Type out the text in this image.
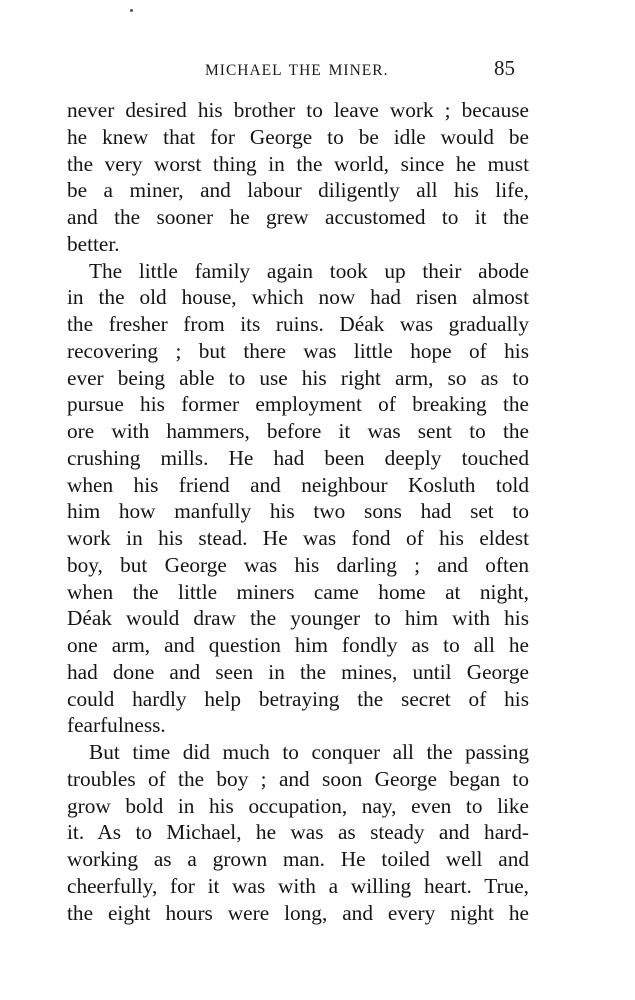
MICHAEL THE MINER.	85
never desired his brother to leave work ; because
he knew that for George to be idle would be
the very worst thing in the world, since he must
be a miner, and labour diligently all his life,
and the sooner he grew accustomed to it the
better.
The little family again took up their abode
in the old house, which now had risen almost
the fresher from its ruins. Déak was gradually
recovering ; but there was little hope of his
ever being able to use his right arm, so as to
pursue his former employment of breaking the
ore with hammers, before it was sent to the
crushing mills. He had been deeply touched
when his friend and neighbour Kosluth told
him how manfully his two sons had set to
work in his stead. He was fond of his eldest
boy, but George was his darling ; and often
when the little miners came home at night,
Déak would draw the younger to him with his
one arm, and question him fondly as to all he
had done and seen in the mines, until George
could hardly help betraying the secret of his
fearfulness.
But time did much to conquer all the passing
troubles of the boy ; and soon George began to
grow bold in his occupation, nay, even to like
it. As to Michael, he was as steady and hard-
working as a grown man. He toiled well and
cheerfully, for it was with a willing heart. True,
the eight hours were long, and every night he
